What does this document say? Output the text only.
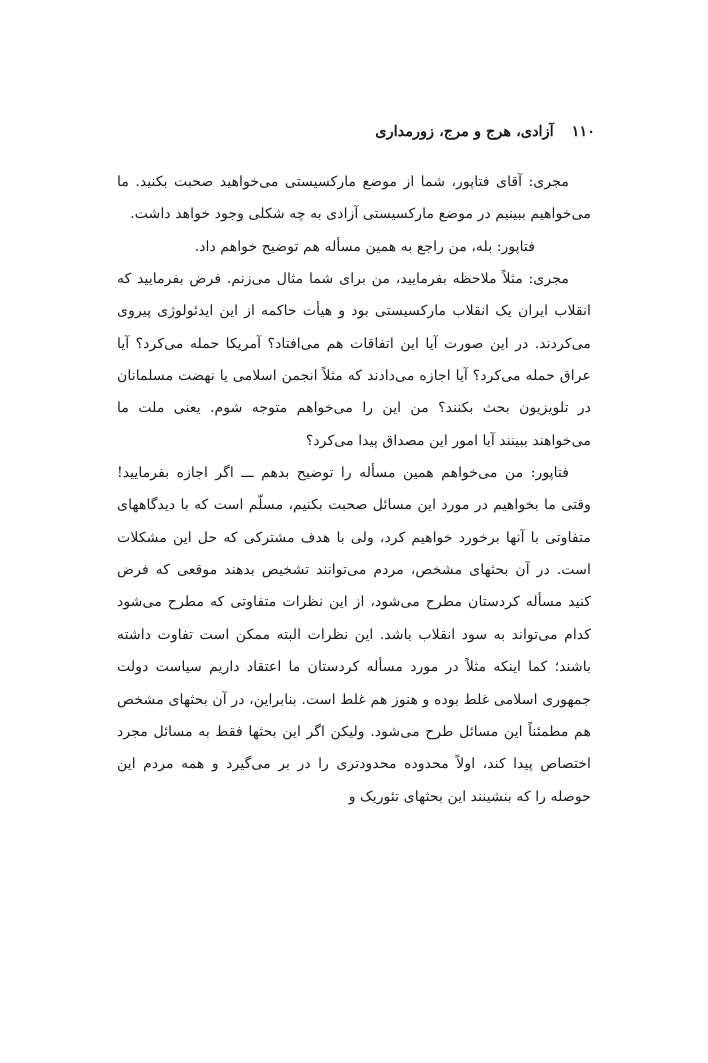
۱۱۰آزادی، هرج و مرج، زورمداری

مجری: آقای فتاپور، شما از موضع مارکسیستی می‌خواهید صحبت بکنید. ما می‌خواهیم ببینیم در موضع مارکسیستی آزادی به چه شکلی وجود خواهد داشت.

فتاپور: بله، من راجع به همین مسأله هم توضیح خواهم داد.

مجری: مثلاً ملاحظه بفرمایید، من برای شما مثال می‌زنم. فرض بفرمایید که انقلاب ایران یک انقلاب مارکسیستی بود و هیأت حاکمه از این ایدئولوژی پیروی می‌کردند. در این صورت آیا این اتفاقات هم می‌افتاد؟ آمریکا حمله می‌کرد؟ آیا عراق حمله می‌کرد؟ آیا اجازه می‌دادند که مثلاً انجمن اسلامی یا نهضت مسلمانان در تلویزیون بحث بکنند؟ من این را می‌خواهم متوجه شوم. یعنی ملت ما می‌خواهند ببینند آیا امور این مصداق پیدا می‌کرد؟

فتاپور: من می‌خواهم همین مسأله را توضیح بدهم ـــ اگر اجازه بفرمایید! وقتی ما بخواهیم در مورد این مسائل صحبت بکنیم، مسلّم است که با دیدگاههای متفاوتی با آنها برخورد خواهیم کرد، ولی با هدف مشترکی که حل این مشکلات است. در آن بحثهای مشخص، مردم می‌توانند تشخیص بدهند موقعی که فرض کنید مسأله کردستان مطرح می‌شود، از این نظرات متفاوتی که مطرح می‌شود کدام می‌تواند به سود انقلاب باشد. این نظرات البته ممکن است تفاوت داشته باشند؛ کما اینکه مثلاً در مورد مسأله کردستان ما اعتقاد داریم سیاست دولت جمهوری اسلامی غلط بوده و هنوز هم غلط است. بنابراین، در آن بحثهای مشخص هم مطمئناً این مسائل طرح می‌شود. ولیکن اگر این بحثها فقط به مسائل مجرد اختصاص پیدا کند، اولاً محدوده محدودتری را در بر می‌گیرد و همه مردم این حوصله را که بنشینند این بحثهای تئوریک و
